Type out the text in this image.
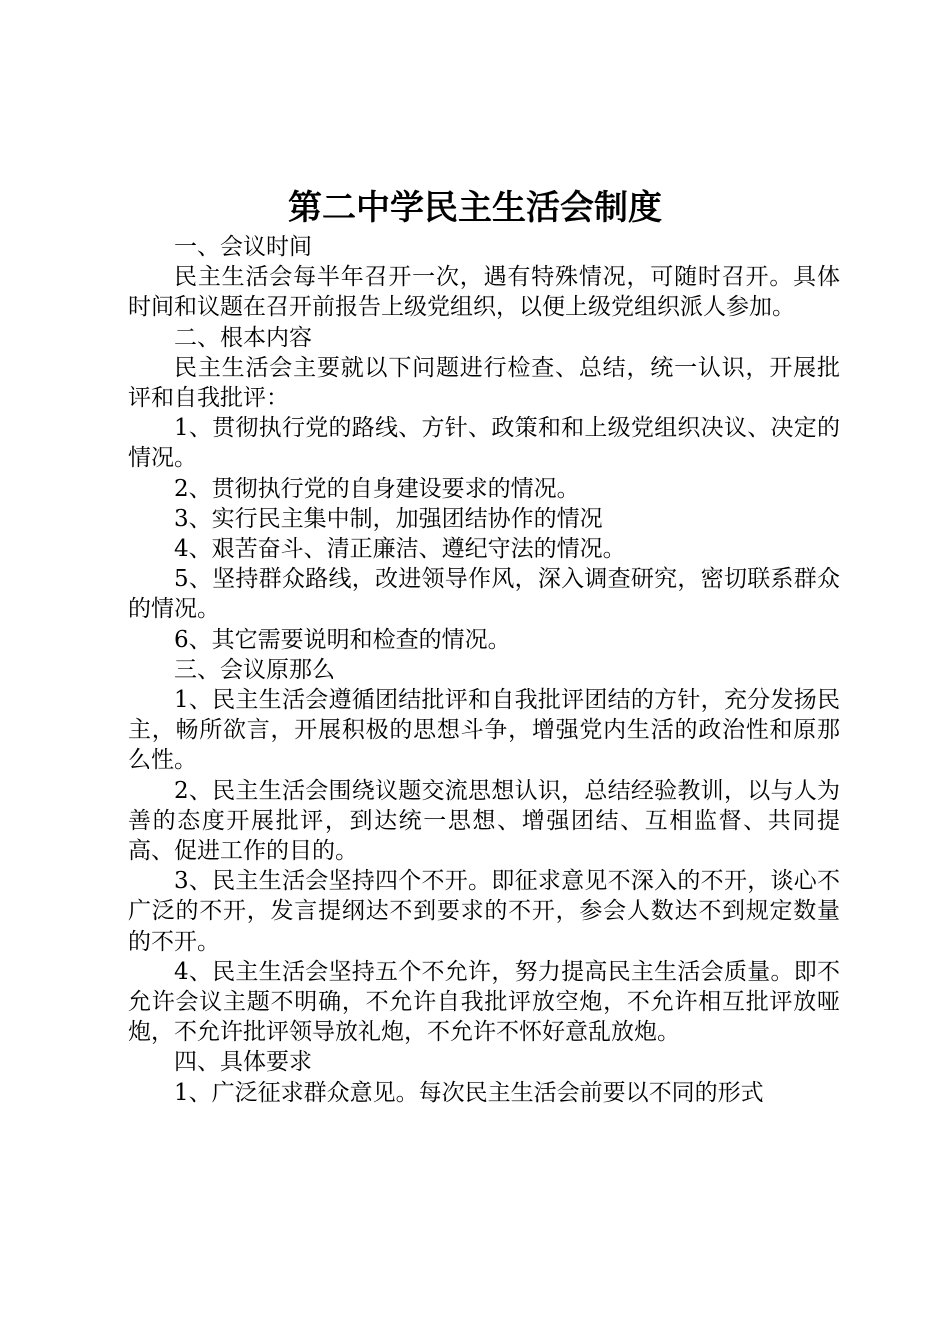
第二中学民主生活会制度

一、会议时间

民主生活会每半年召开一次，遇有特殊情况，可随时召开。具体时间和议题在召开前报告上级党组织，以便上级党组织派人参加。

二、根本内容

民主生活会主要就以下问题进行检查、总结，统一认识，开展批评和自我批评：

1、贯彻执行党的路线、方针、政策和和上级党组织决议、决定的情况。

2、贯彻执行党的自身建设要求的情况。

3、实行民主集中制，加强团结协作的情况

4、艰苦奋斗、清正廉洁、遵纪守法的情况。

5、坚持群众路线，改进领导作风，深入调查研究，密切联系群众的情况。

6、其它需要说明和检查的情况。

三、会议原那么

1、民主生活会遵循团结批评和自我批评团结的方针，充分发扬民主，畅所欲言，开展积极的思想斗争，增强党内生活的政治性和原那么性。

2、民主生活会围绕议题交流思想认识，总结经验教训，以与人为善的态度开展批评，到达统一思想、增强团结、互相监督、共同提高、促进工作的目的。

3、民主生活会坚持四个不开。即征求意见不深入的不开，谈心不广泛的不开，发言提纲达不到要求的不开，参会人数达不到规定数量的不开。

4、民主生活会坚持五个不允许，努力提高民主生活会质量。即不允许会议主题不明确，不允许自我批评放空炮，不允许相互批评放哑炮，不允许批评领导放礼炮，不允许不怀好意乱放炮。

四、具体要求

1、广泛征求群众意见。每次民主生活会前要以不同的形式
